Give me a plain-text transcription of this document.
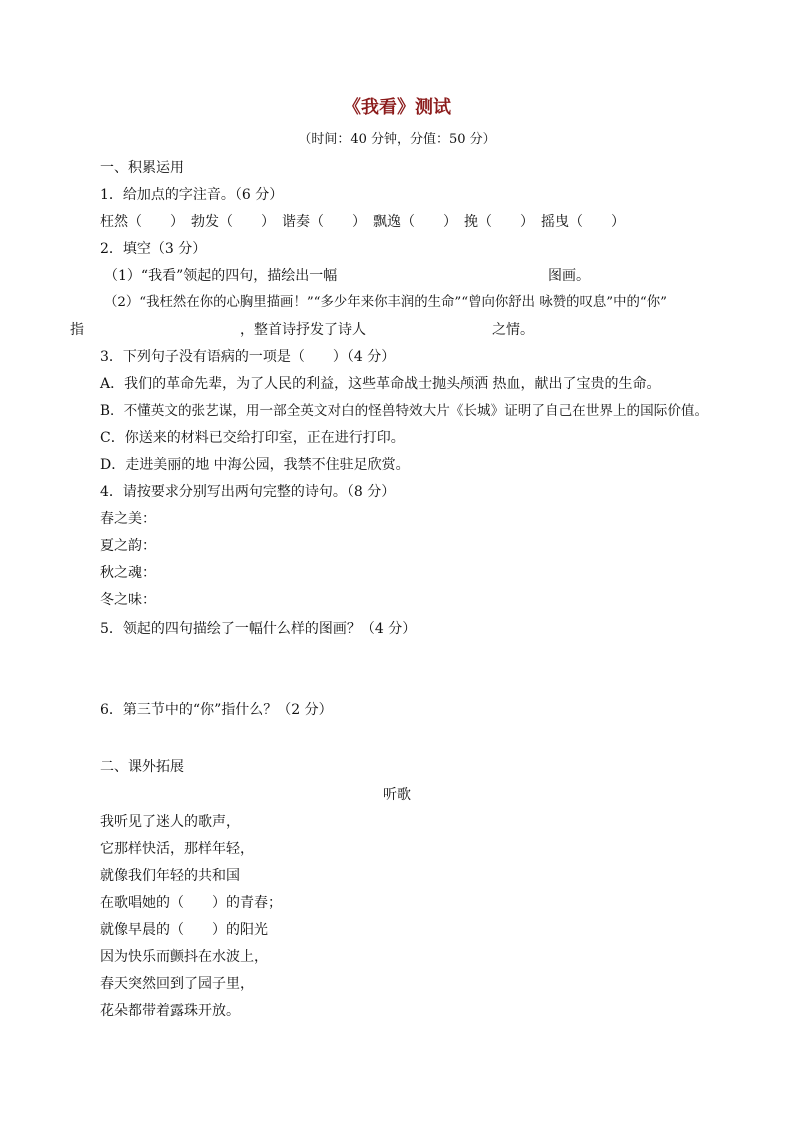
《我看》测试
（时间：40 分钟，分值：50 分）
一、积累运用
1．给加点的字注音。（6 分）
枉然（　　）　勃发（　　）　谐奏（　　）　飘逸（　　）　挽（　　）　摇曳（　　）
2．填空（3 分）
（1）“我看”领起的四句，描绘出一幅	图画。
（2）“我枉然在你的心胸里描画！”“多少年来你丰润的生命”“曾向你舒出 咏赞的叹息”中的“你”
指	，整首诗抒发了诗人	之情。
3．下列句子没有语病的一项是（　　）（4 分）
A．我们的革命先辈，为了人民的利益，这些革命战士抛头颅洒 热血，献出了宝贵的生命。
B．不懂英文的张艺谋，用一部全英文对白的怪兽特效大片《长城》证明了自己在世界上的国际价值。
C．你送来的材料已交给打印室，正在进行打印。
D．走进美丽的地 中海公园，我禁不住驻足欣赏。
4．请按要求分别写出两句完整的诗句。（8 分）
春之美：
夏之韵：
秋之魂：
冬之味：
5．领起的四句描绘了一幅什么样的图画？（4 分）
6．第三节中的“你”指什么？（2 分）
二、课外拓展
听歌
我听见了迷人的歌声，
它那样快活，那样年轻，
就像我们年轻的共和国
在歌唱她的（　　）的青春；
就像早晨的（　　）的阳光
因为快乐而颤抖在水波上，
春天突然回到了园子里，
花朵都带着露珠开放。
